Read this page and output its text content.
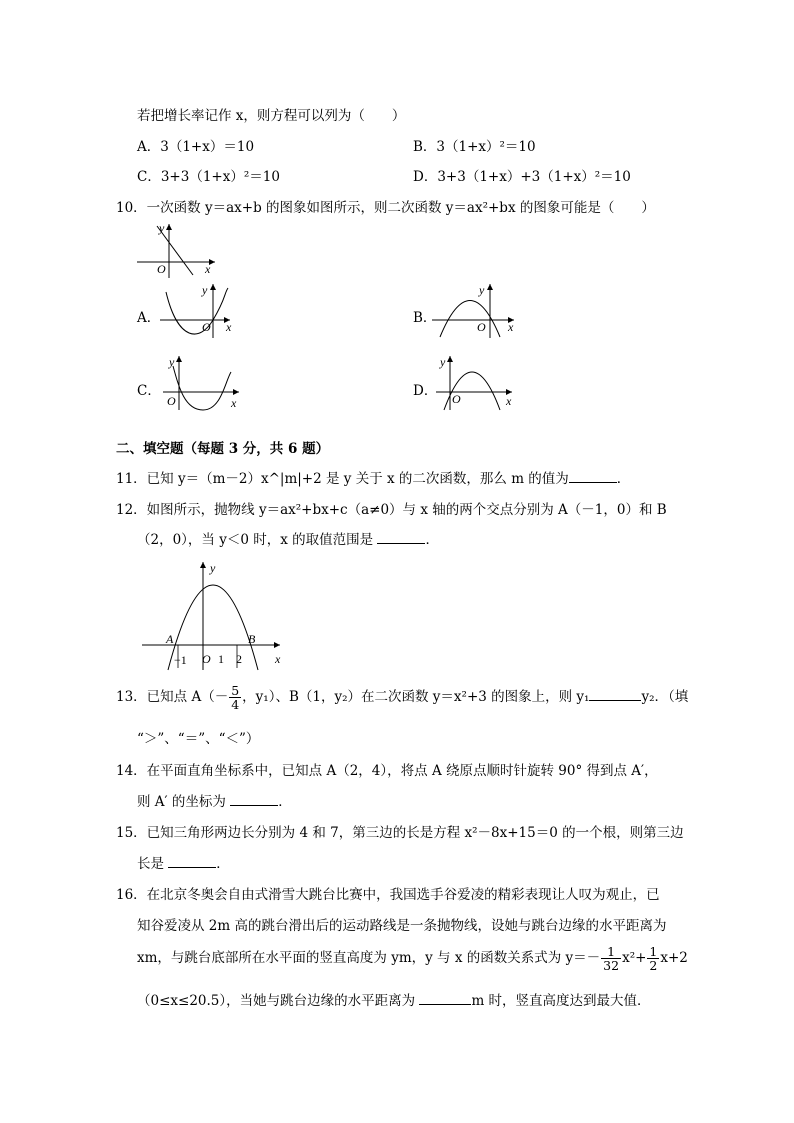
若把增长率记作 x，则方程可以列为（　　）
A．3（1+x）＝10	B．3（1+x）²＝10
C．3+3（1+x）²＝10	D．3+3（1+x）+3（1+x）²＝10
10．一次函数 y＝ax+b 的图象如图所示，则二次函数 y＝ax²+bx 的图象可能是（　　）
y
x
O
A．
y
x
O
B．
y
x
O
C．
y
x
O
D．
y
x
O
二、填空题（每题 3 分，共 6 题）
11．已知 y＝（m－2）x^|m|+2 是 y 关于 x 的二次函数，那么 m 的值为	．
12．如图所示，抛物线 y＝ax²+bx+c（a≠0）与 x 轴的两个交点分别为 A（－1，0）和 B
（2，0），当 y＜0 时，x 的取值范围是	．
y
x
A	B
−1 O 1 2
13．已知点 $A(- \frac{5}{4}$ ，y₁）、B（1，y₂）在二次函数 y＝x²+3 的图象上，则 y₁	y₂．（填
“＞”、“＝”、“＜”）
14．在平面直角坐标系中，已知点 A（2，4），将点 A 绕原点顺时针旋转 90° 得到点 A′，
则 A′ 的坐标为	．
15．已知三角形两边长分别为 4 和 7，第三边的长是方程 x²－8x+15＝0 的一个根，则第三边
长是	．
16．在北京冬奥会自由式滑雪大跳台比赛中，我国选手谷爱凌的精彩表现让人叹为观止，已
知谷爱凌从 2m 高的跳台滑出后的运动路线是一条抛物线，设她与跳台边缘的水平距离为
xm，与跳台底部所在水平面的竖直高度为 ym，y 与 x 的函数关系式为 $y=- \frac{1}{32} x^2+ \frac{1}{2} x+2$
（0≤x≤20.5），当她与跳台边缘的水平距离为	m 时，竖直高度达到最大值．
